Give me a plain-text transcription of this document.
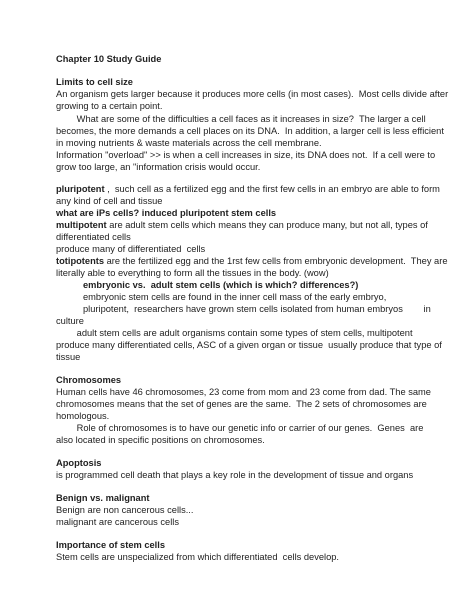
Chapter 10 Study Guide
Limits to cell size
An organism gets larger because it produces more cells (in most cases).  Most cells divide after
growing to a certain point.
What are some of the difficulties a cell faces as it increases in size?  The larger a cell
becomes, the more demands a cell places on its DNA.  In addition, a larger cell is less efficient
in moving nutrients & waste materials across the cell membrane.
Information "overload" >> is when a cell increases in size, its DNA does not.  If a cell were to
grow too large, an "information crisis would occur.
pluripotent ,  such cell as a fertilized egg and the first few cells in an embryo are able to form
any kind of cell and tissue
what are iPs cells? induced pluripotent stem cells
multipotent are adult stem cells which means they can produce many, but not all, types of
differentiated cells
produce many of differentiated  cells
totipotents are the fertilized egg and the 1rst few cells from embryonic development.  They are
literally able to everything to form all the tissues in the body. (wow)
embryonic vs.  adult stem cells (which is which? differences?)
embryonic stem cells are found in the inner cell mass of the early embryo,
pluripotent,  researchers have grown stem cells isolated from human embryos        in
culture
adult stem cells are adult organisms contain some types of stem cells, multipotent
produce many differentiated cells, ASC of a given organ or tissue  usually produce that type of
tissue
Chromosomes
Human cells have 46 chromosomes, 23 come from mom and 23 come from dad. The same
chromosomes means that the set of genes are the same.  The 2 sets of chromosomes are
homologous.
Role of chromosomes is to have our genetic info or carrier of our genes.  Genes  are
also located in specific positions on chromosomes.
Apoptosis
is programmed cell death that plays a key role in the development of tissue and organs
Benign vs. malignant
Benign are non cancerous cells...
malignant are cancerous cells
Importance of stem cells
Stem cells are unspecialized from which differentiated  cells develop.
